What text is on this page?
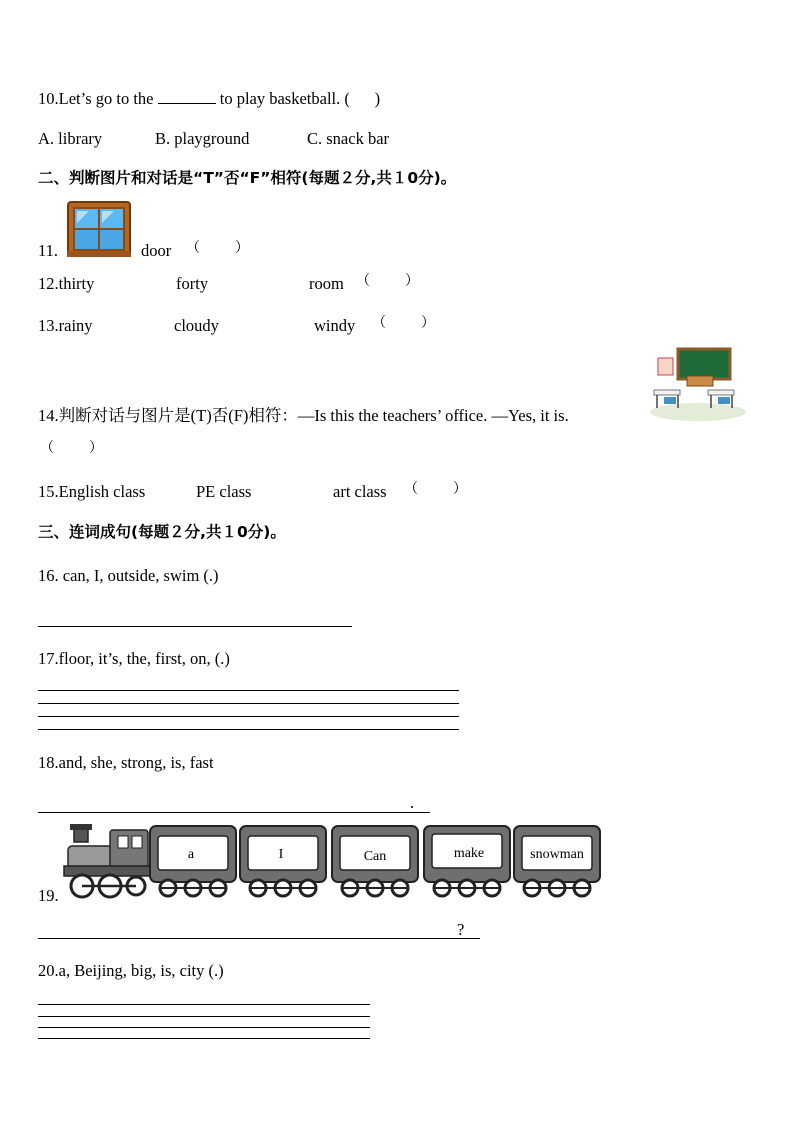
10.Let’s go to the	to play basketball. (      )
A. library	B. playground	C. snack bar
二、判断图片和对话是“T”否“F”相符(每题２分,共１0分)。
11.	door （          ）
12.thirty	forty	room （          ）
13.rainy	cloudy	windy （          ）
14.判断对话与图片是(T)否(F)相符：—Is this the teachers’ office. —Yes, it is.
（          ）
15.English class	PE class	art class （          ）
三、连词成句(每题２分,共１0分)。
16. can, I, outside, swim (.)
17.floor, it’s, the, first, on, (.)
18.and, she, strong, is, fast
.
a	I	Can	make	snowman
19.
?
20.a, Beijing, big, is, city (.)
